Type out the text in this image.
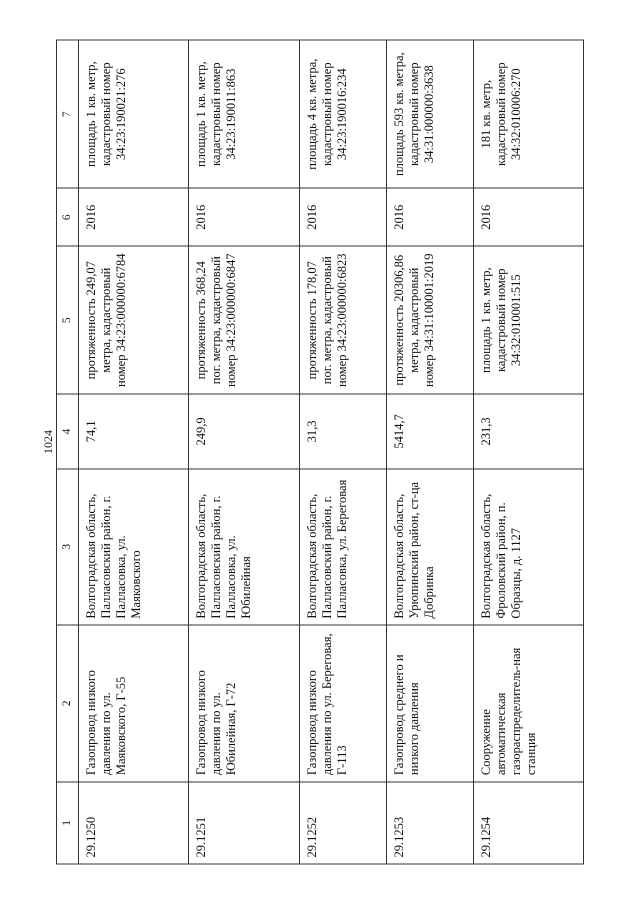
1024
1	2	3	4	5	6	7
29.1250	Газопровод низкого давления по ул. Маяковского, Г-55	Волгоградская область, Палласовский район, г. Палласовка, ул. Маяковского	74,1	протяженность 249,07 метра, кадастровый номер 34:23:000000:6784	2016	площадь 1 кв. метр, кадастровый номер 34:23:190021:276
29.1251	Газопровод низкого давления по ул. Юбилейная, Г-72	Волгоградская область, Палласовский район, г. Палласовка, ул. Юбилейная	249,9	протяженность 368,24 пог. метра, кадастровый номер 34:23:000000:6847	2016	площадь 1 кв. метр, кадастровый номер 34:23:190011:863
29.1252	Газопровод низкого давления по ул. Береговая, Г-113	Волгоградская область, Палласовский район, г. Палласовка, ул. Береговая	31,3	протяженность 178,07 пог. метра, кадастровый номер 34:23:000000:6823	2016	площадь 4 кв. метра, кадастровый номер 34:23:190016:234
29.1253	Газопровод среднего и низкого давления	Волгоградская область, Урюпинский район, ст-ца Добринка	5414,7	протяженность 20306,86 метра, кадастровый номер 34:31:100001:2019	2016	площадь 593 кв. метра, кадастровый номер 34:31:000000:3638
29.1254	Сооружение автоматическая газораспределитель-ная станция	Волгоградская область, Фроловский район, п. Образцы, д. 1127	231,3	площадь 1 кв. метр, кадастровый номер 34:32:010001:515	2016	181 кв. метр, кадастровый номер 34:32:010006:270
